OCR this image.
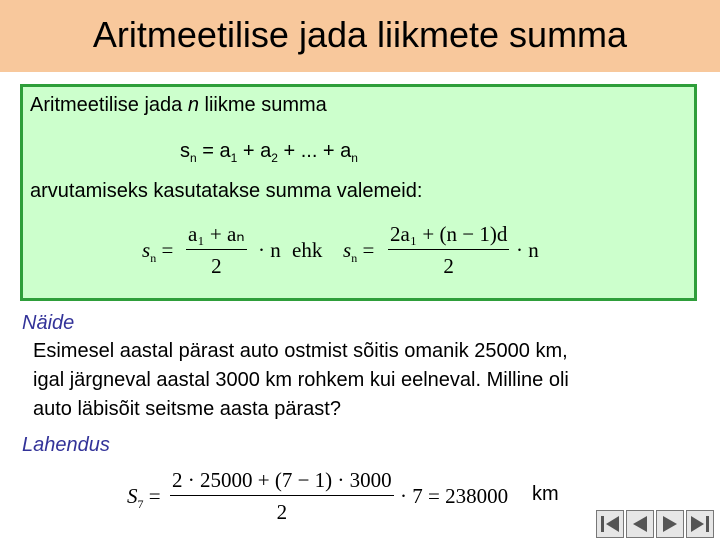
Aritmeetilise jada liikmete summa
Aritmeetilise jada n liikme summa
$s_n = a_1 + a_2$ + ... + $a_n$
arvutamiseks kasutatakse summa valemeid:
$s_n = \frac{\text{a₁ + aₙ}}{2} \cdot n$ ehk $s_n = \frac{\text{2a₁ + (n − 1)d}}{2} \cdot n$
Näide
Esimesel aastal pärast auto ostmist sõitis omanik 25000 km,
igal järgneval aastal 3000 km rohkem kui eelneval. Milline oli
auto läbisõit seitsme aasta pärast?
Lahendus
$S_7 = \frac{2 \cdot 25000 + (7 - 1) \cdot 3000}{2} \cdot 7 = 238000$ km
